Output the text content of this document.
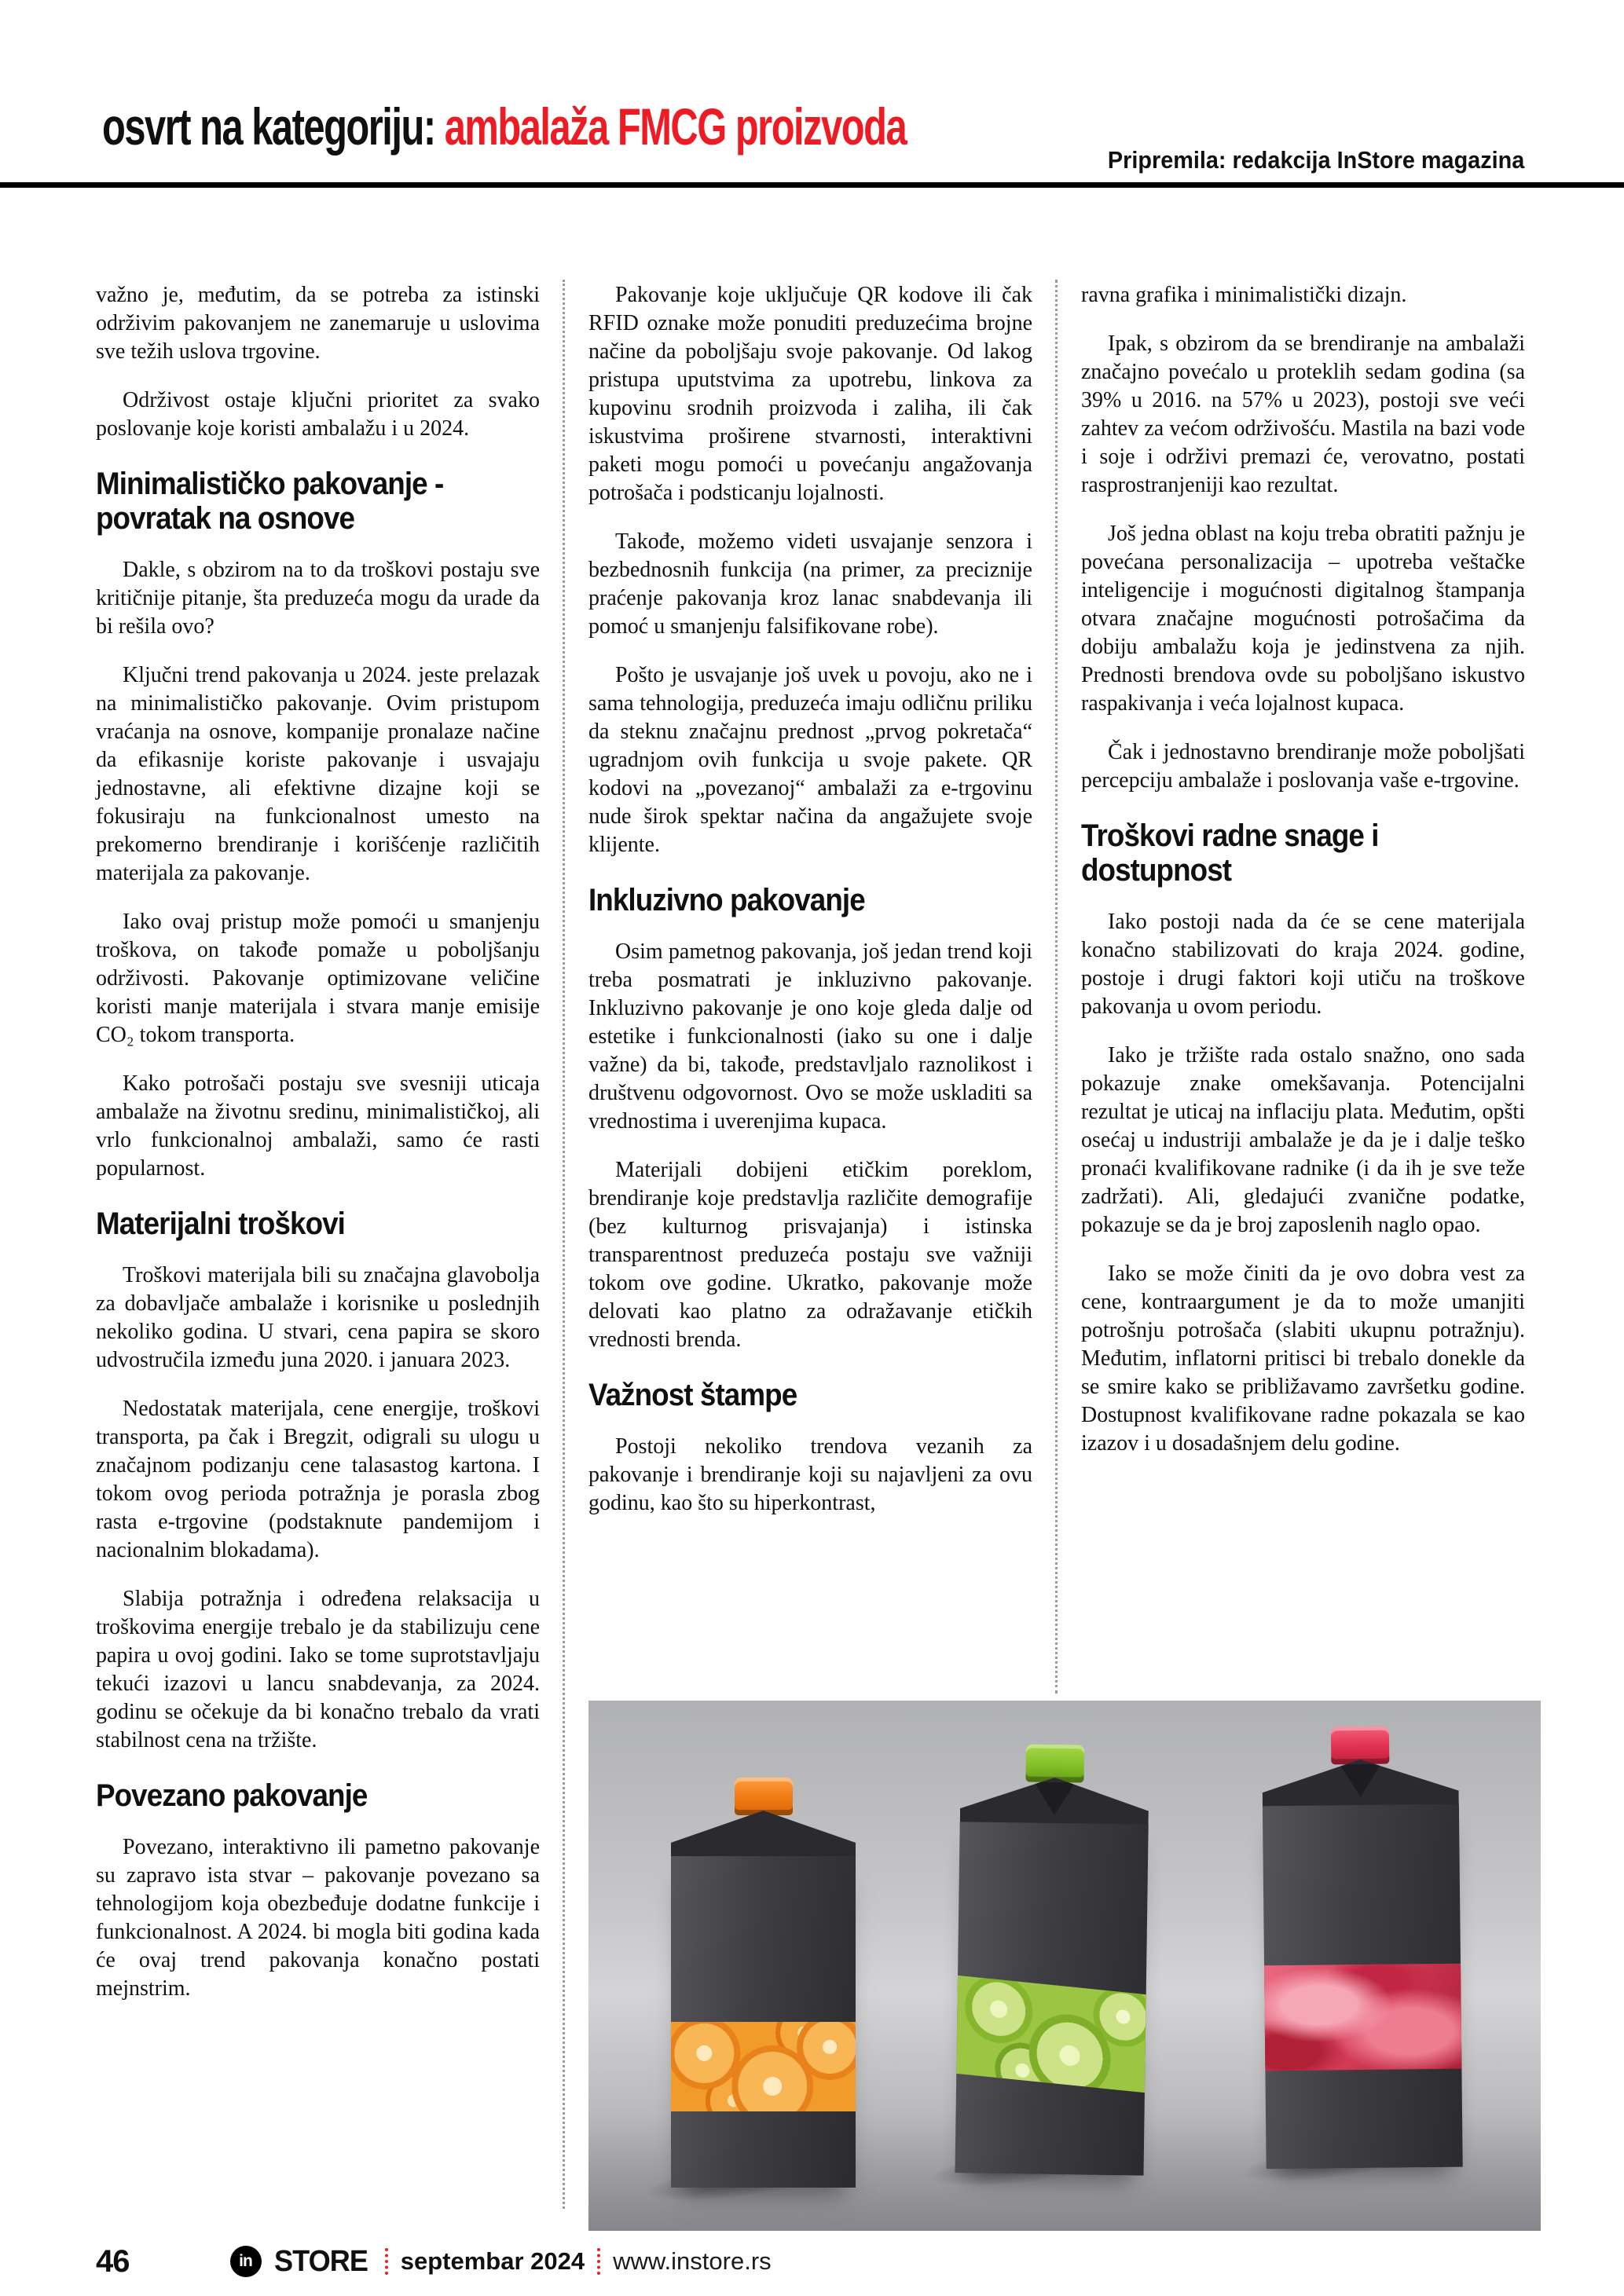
osvrt na kategoriju: ambalaža FMCG proizvoda
Pripremila: redakcija InStore magazina

važno je, međutim, da se potreba za istinski održivim pakovanjem ne zanemaruje u uslovima sve težih uslova trgovine.

Održivost ostaje ključni prioritet za svako poslovanje koje koristi ambalažu i u 2024.

Minimalističko pakovanje - povratak na osnove

Dakle, s obzirom na to da troškovi postaju sve kritičnije pitanje, šta preduzeća mogu da urade da bi rešila ovo?

Ključni trend pakovanja u 2024. jeste prelazak na minimalističko pakovanje. Ovim pristupom vraćanja na osnove, kompanije pronalaze načine da efikasnije koriste pakovanje i usvajaju jednostavne, ali efektivne dizajne koji se fokusiraju na funkcionalnost umesto na prekomerno brendiranje i korišćenje različitih materijala za pakovanje.

Iako ovaj pristup može pomoći u smanjenju troškova, on takođe pomaže u poboljšanju održivosti. Pakovanje optimizovane veličine koristi manje materijala i stvara manje emisije CO₂ tokom transporta.

Kako potrošači postaju sve svesniji uticaja ambalaže na životnu sredinu, minimalističkoj, ali vrlo funkcionalnoj ambalaži, samo će rasti popularnost.

Materijalni troškovi

Troškovi materijala bili su značajna glavobolja za dobavljače ambalaže i korisnike u poslednjih nekoliko godina. U stvari, cena papira se skoro udvostručila između juna 2020. i januara 2023.

Nedostatak materijala, cene energije, troškovi transporta, pa čak i Bregzit, odigrali su ulogu u značajnom podizanju cene talasastog kartona. I tokom ovog perioda potražnja je porasla zbog rasta e-trgovine (podstaknute pandemijom i nacionalnim blokadama).

Slabija potražnja i određena relaksacija u troškovima energije trebalo je da stabilizuju cene papira u ovoj godini. Iako se tome suprotstavljaju tekući izazovi u lancu snabdevanja, za 2024. godinu se očekuje da bi konačno trebalo da vrati stabilnost cena na tržište.

Povezano pakovanje

Povezano, interaktivno ili pametno pakovanje su zapravo ista stvar – pakovanje povezano sa tehnologijom koja obezbeđuje dodatne funkcije i funkcionalnost. A 2024. bi mogla biti godina kada će ovaj trend pakovanja konačno postati mejnstrim.

Pakovanje koje uključuje QR kodove ili čak RFID oznake može ponuditi preduzećima brojne načine da poboljšaju svoje pakovanje. Od lakog pristupa uputstvima za upotrebu, linkova za kupovinu srodnih proizvoda i zaliha, ili čak iskustvima proširene stvarnosti, interaktivni paketi mogu pomoći u povećanju angažovanja potrošača i podsticanju lojalnosti.

Takođe, možemo videti usvajanje senzora i bezbednosnih funkcija (na primer, za preciznije praćenje pakovanja kroz lanac snabdevanja ili pomoć u smanjenju falsifikovane robe).

Pošto je usvajanje još uvek u povoju, ako ne i sama tehnologija, preduzeća imaju odličnu priliku da steknu značajnu prednost „prvog pokretača“ ugradnjom ovih funkcija u svoje pakete. QR kodovi na „povezanoj“ ambalaži za e-trgovinu nude širok spektar načina da angažujete svoje klijente.

Inkluzivno pakovanje

Osim pametnog pakovanja, još jedan trend koji treba posmatrati je inkluzivno pakovanje. Inkluzivno pakovanje je ono koje gleda dalje od estetike i funkcionalnosti (iako su one i dalje važne) da bi, takođe, predstavljalo raznolikost i društvenu odgovornost. Ovo se može uskladiti sa vrednostima i uverenjima kupaca.

Materijali dobijeni etičkim poreklom, brendiranje koje predstavlja različite demografije (bez kulturnog prisvajanja) i istinska transparentnost preduzeća postaju sve važniji tokom ove godine. Ukratko, pakovanje može delovati kao platno za odražavanje etičkih vrednosti brenda.

Važnost štampe

Postoji nekoliko trendova vezanih za pakovanje i brendiranje koji su najavljeni za ovu godinu, kao što su hiperkontrast,

ravna grafika i minimalistički dizajn.

Ipak, s obzirom da se brendiranje na ambalaži značajno povećalo u proteklih sedam godina (sa 39% u 2016. na 57% u 2023), postoji sve veći zahtev za većom održivošću. Mastila na bazi vode i soje i održivi premazi će, verovatno, postati rasprostranjeniji kao rezultat.

Još jedna oblast na koju treba obratiti pažnju je povećana personalizacija – upotreba veštačke inteligencije i mogućnosti digitalnog štampanja otvara značajne mogućnosti potrošačima da dobiju ambalažu koja je jedinstvena za njih. Prednosti brendova ovde su poboljšano iskustvo raspakivanja i veća lojalnost kupaca.

Čak i jednostavno brendiranje može poboljšati percepciju ambalaže i poslovanja vaše e-trgovine.

Troškovi radne snage i dostupnost

Iako postoji nada da će se cene materijala konačno stabilizovati do kraja 2024. godine, postoje i drugi faktori koji utiču na troškove pakovanja u ovom periodu.

Iako je tržište rada ostalo snažno, ono sada pokazuje znake omekšavanja. Potencijalni rezultat je uticaj na inflaciju plata. Međutim, opšti osećaj u industriji ambalaže je da je i dalje teško pronaći kvalifikovane radnike (i da ih je sve teže zadržati). Ali, gledajući zvanične podatke, pokazuje se da je broj zaposlenih naglo opao.

Iako se može činiti da je ovo dobra vest za cene, kontraargument je da to može umanjiti potrošnju potrošača (slabiti ukupnu potražnju). Međutim, inflatorni pritisci bi trebalo donekle da se smire kako se približavamo završetku godine. Dostupnost kvalifikovane radne pokazala se kao izazov i u dosadašnjem delu godine.

46	in STORE septembar 2024 www.instore.rs
